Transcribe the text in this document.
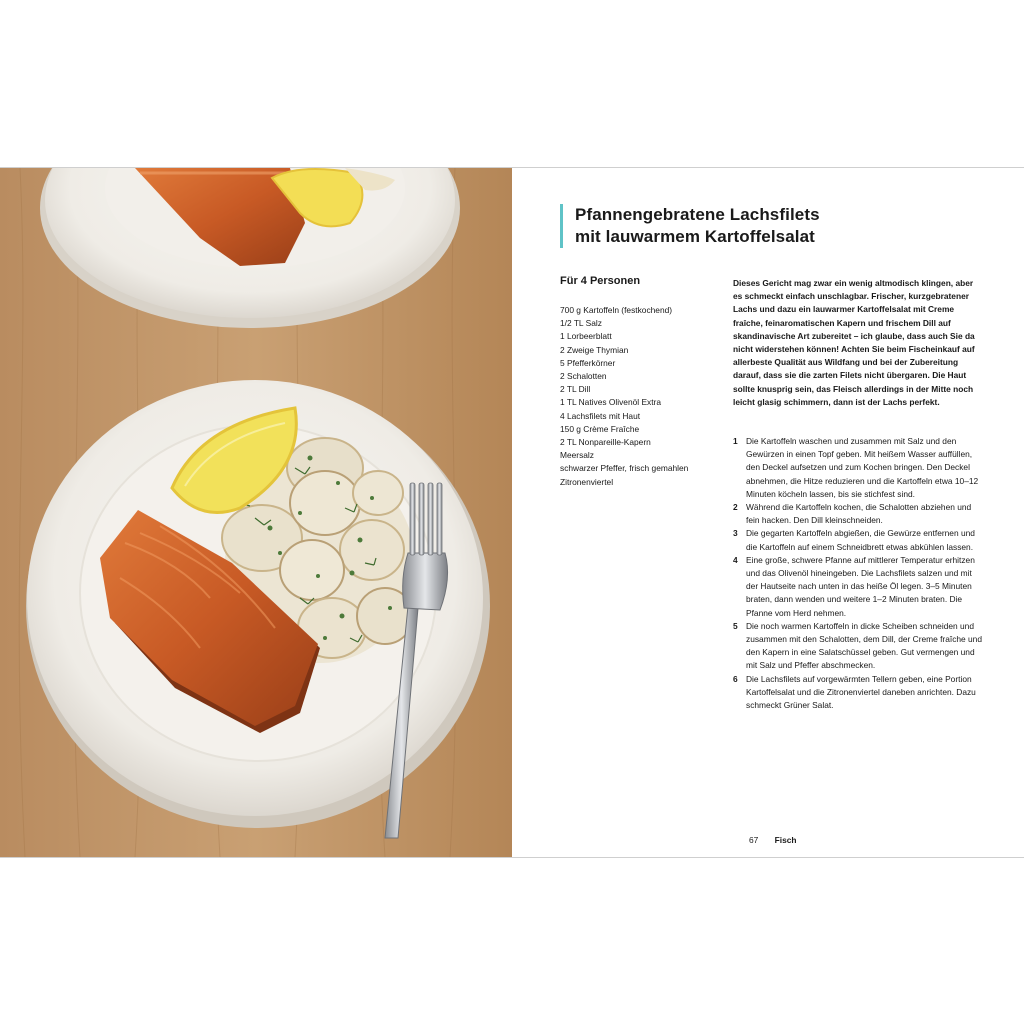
Pfannengebratene Lachsfilets
mit lauwarmem Kartoffelsalat

Für 4 Personen

700 g Kartoffeln (festkochend)
1/2 TL Salz
1 Lorbeerblatt
2 Zweige Thymian
5 Pfefferkörner
2 Schalotten
2 TL Dill
1 TL Natives Olivenöl Extra
4 Lachsfilets mit Haut
150 g Crème Fraîche
2 TL Nonpareille-Kapern
Meersalz
schwarzer Pfeffer, frisch gemahlen
Zitronenviertel

Dieses Gericht mag zwar ein wenig altmodisch klingen, aber es schmeckt einfach unschlagbar. Frischer, kurzgebratener Lachs und dazu ein lauwarmer Kartoffelsalat mit Creme fraîche, feinaromatischen Kapern und frischem Dill auf skandinavische Art zubereitet – ich glaube, dass auch Sie da nicht widerstehen können! Achten Sie beim Fischeinkauf auf allerbeste Qualität aus Wildfang und bei der Zubereitung darauf, dass sie die zarten Filets nicht übergaren. Die Haut sollte knusprig sein, das Fleisch allerdings in der Mitte noch leicht glasig schimmern, dann ist der Lachs perfekt.

1 Die Kartoffeln waschen und zusammen mit Salz und den Gewürzen in einen Topf geben. Mit heißem Wasser auffüllen, den Deckel aufsetzen und zum Kochen bringen. Den Deckel abnehmen, die Hitze reduzieren und die Kartoffeln etwa 10–12 Minuten köcheln lassen, bis sie stichfest sind.
2 Während die Kartoffeln kochen, die Schalotten abziehen und fein hacken. Den Dill kleinschneiden.
3 Die gegarten Kartoffeln abgießen, die Gewürze entfernen und die Kartoffeln auf einem Schneidbrett etwas abkühlen lassen.
4 Eine große, schwere Pfanne auf mittlerer Temperatur erhitzen und das Olivenöl hineingeben. Die Lachsfilets salzen und mit der Hautseite nach unten in das heiße Öl legen. 3–5 Minuten braten, dann wenden und weitere 1–2 Minuten braten. Die Pfanne vom Herd nehmen.
5 Die noch warmen Kartoffeln in dicke Scheiben schneiden und zusammen mit den Schalotten, dem Dill, der Creme fraîche und den Kapern in eine Salatschüssel geben. Gut vermengen und mit Salz und Pfeffer abschmecken.
6 Die Lachsfilets auf vorgewärmten Tellern geben, eine Portion Kartoffelsalat und die Zitronenviertel daneben anrichten. Dazu schmeckt Grüner Salat.
67 Fisch
